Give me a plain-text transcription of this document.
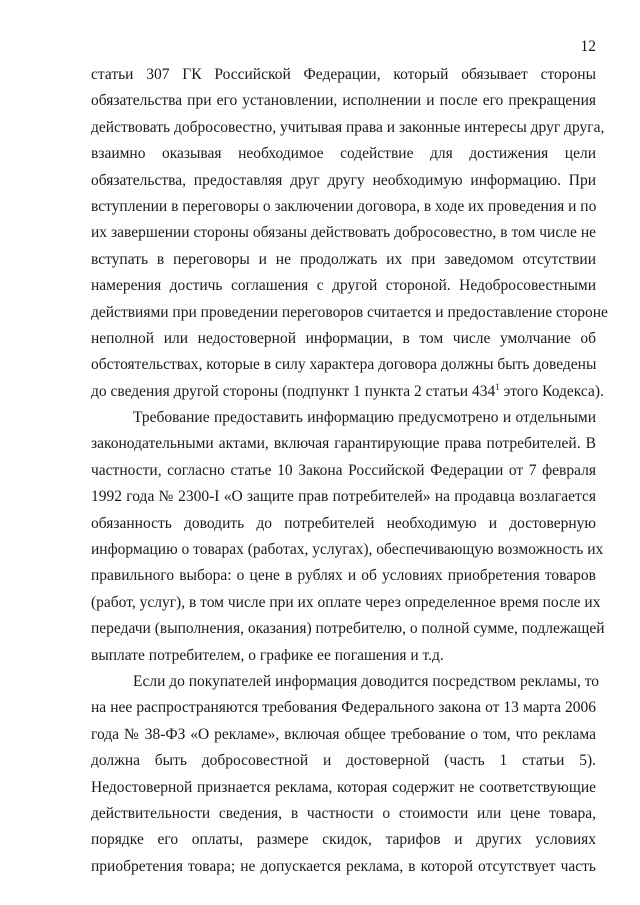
12
статьи 307 ГК Российской Федерации, который обязывает стороны
обязательства при его установлении, исполнении и после его прекращения
действовать добросовестно, учитывая права и законные интересы друг друга,
взаимно оказывая необходимое содействие для достижения цели
обязательства, предоставляя друг другу необходимую информацию. При
вступлении в переговоры о заключении договора, в ходе их проведения и по
их завершении стороны обязаны действовать добросовестно, в том числе не
вступать в переговоры и не продолжать их при заведомом отсутствии
намерения достичь соглашения с другой стороной. Недобросовестными
действиями при проведении переговоров считается и предоставление стороне
неполной или недостоверной информации, в том числе умолчание об
обстоятельствах, которые в силу характера договора должны быть доведены
до сведения другой стороны (подпункт 1 пункта 2 статьи $434^1$ этого Кодекса).
Требование предоставить информацию предусмотрено и отдельными
законодательными актами, включая гарантирующие права потребителей. В
частности, согласно статье 10 Закона Российской Федерации от 7 февраля
1992 года № 2300-I «О защите прав потребителей» на продавца возлагается
обязанность доводить до потребителей необходимую и достоверную
информацию о товарах (работах, услугах), обеспечивающую возможность их
правильного выбора: о цене в рублях и об условиях приобретения товаров
(работ, услуг), в том числе при их оплате через определенное время после их
передачи (выполнения, оказания) потребителю, о полной сумме, подлежащей
выплате потребителем, о графике ее погашения и т.д.
Если до покупателей информация доводится посредством рекламы, то
на нее распространяются требования Федерального закона от 13 марта 2006
года № 38-ФЗ «О рекламе», включая общее требование о том, что реклама
должна быть добросовестной и достоверной (часть 1 статьи 5).
Недостоверной признается реклама, которая содержит не соответствующие
действительности сведения, в частности о стоимости или цене товара,
порядке его оплаты, размере скидок, тарифов и других условиях
приобретения товара; не допускается реклама, в которой отсутствует часть
